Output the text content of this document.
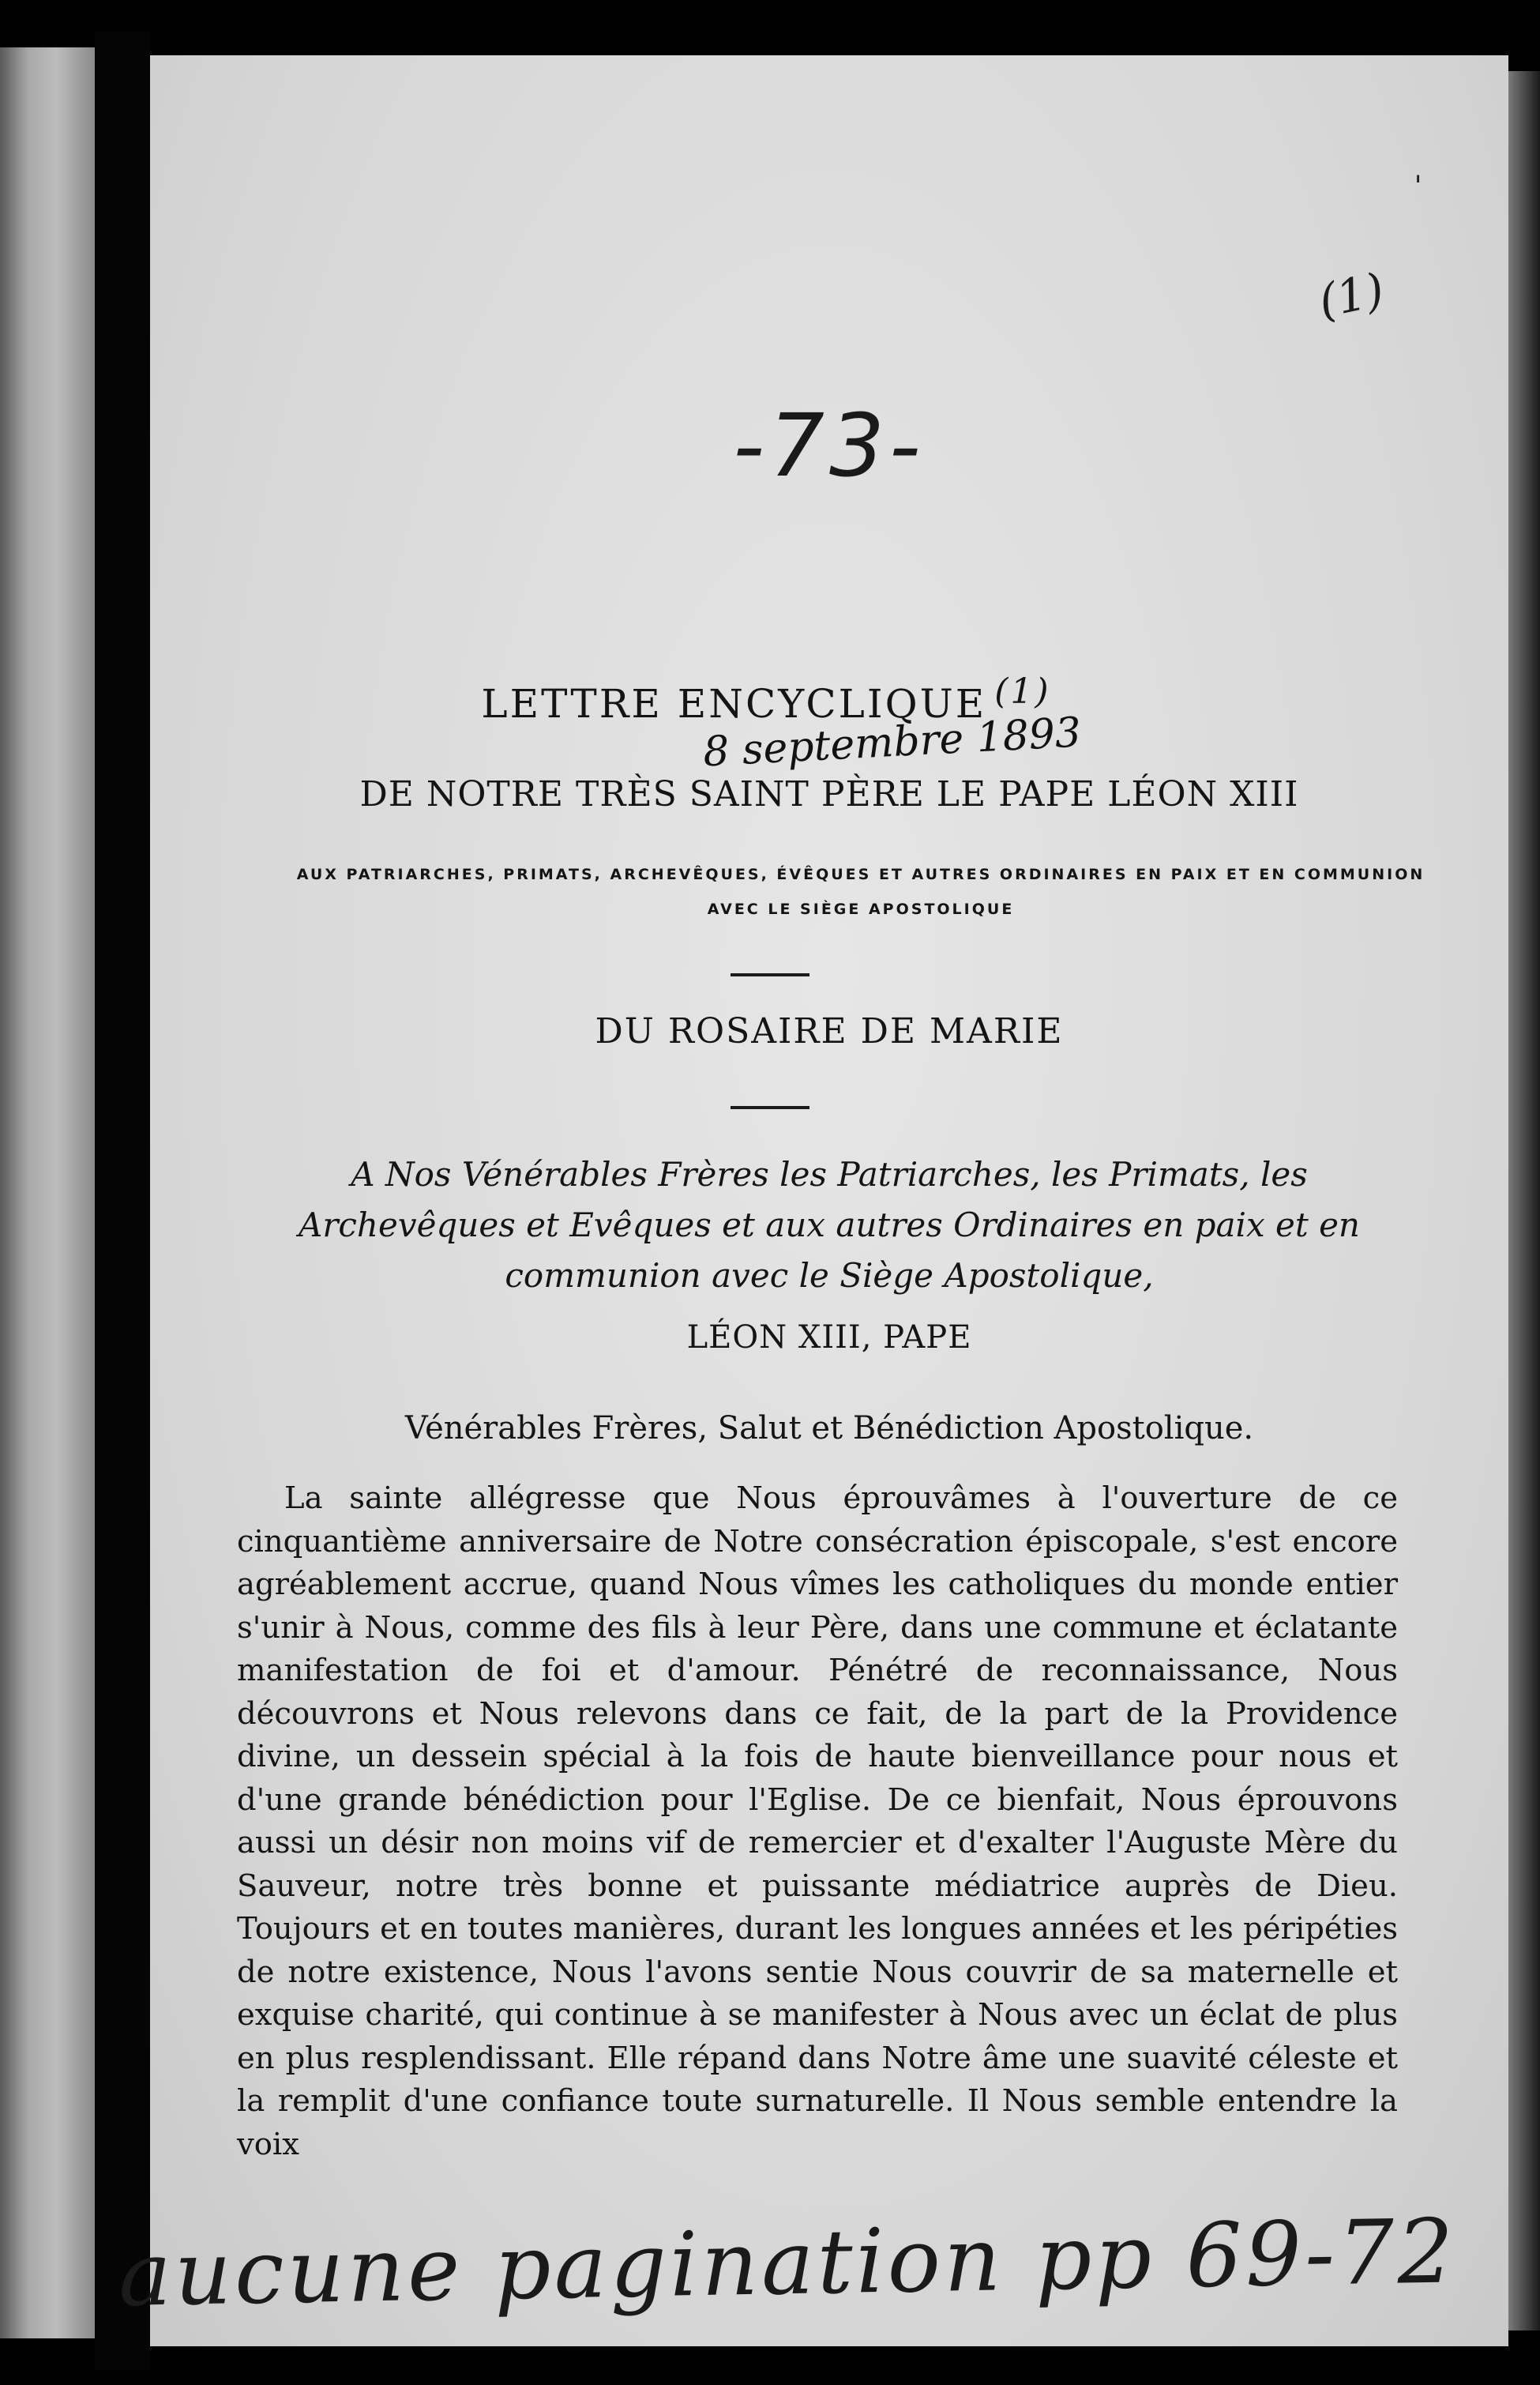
(1)
ˌ
-73-
LETTRE ENCYCLIQUE (1)
8 septembre 1893
DE NOTRE TRÈS SAINT PÈRE LE PAPE LÉON XIII
AUX PATRIARCHES, PRIMATS, ARCHEVÊQUES, ÉVÊQUES ET AUTRES ORDINAIRES EN PAIX ET EN COMMUNION AVEC LE SIÈGE APOSTOLIQUE
DU ROSAIRE DE MARIE
A Nos Vénérables Frères les Patriarches, les Primats, les Archevêques et Evêques et aux autres Ordinaires en paix et en communion avec le Siège Apostolique,
LÉON XIII, PAPE
Vénérables Frères, Salut et Bénédiction Apostolique.

La sainte allégresse que Nous éprouvâmes à l'ouverture de ce cinquantième anniversaire de Notre consécration épiscopale, s'est encore agréablement accrue, quand Nous vîmes les catholiques du monde entier s'unir à Nous, comme des fils à leur Père, dans une commune et éclatante manifestation de foi et d'amour. Pénétré de reconnaissance, Nous découvrons et Nous relevons dans ce fait, de la part de la Providence divine, un dessein spécial à la fois de haute bienveillance pour nous et d'une grande bénédiction pour l'Eglise. De ce bienfait, Nous éprouvons aussi un désir non moins vif de remercier et d'exalter l'Auguste Mère du Sauveur, notre très bonne et puissante médiatrice auprès de Dieu. Toujours et en toutes manières, durant les longues années et les péripéties de notre existence, Nous l'avons sentie Nous couvrir de sa maternelle et exquise charité, qui continue à se manifester à Nous avec un éclat de plus en plus resplendissant. Elle répand dans Notre âme une suavité céleste et la remplit d'une confiance toute surnaturelle. Il Nous semble entendre la voix

aucune pagination pp 69-72
